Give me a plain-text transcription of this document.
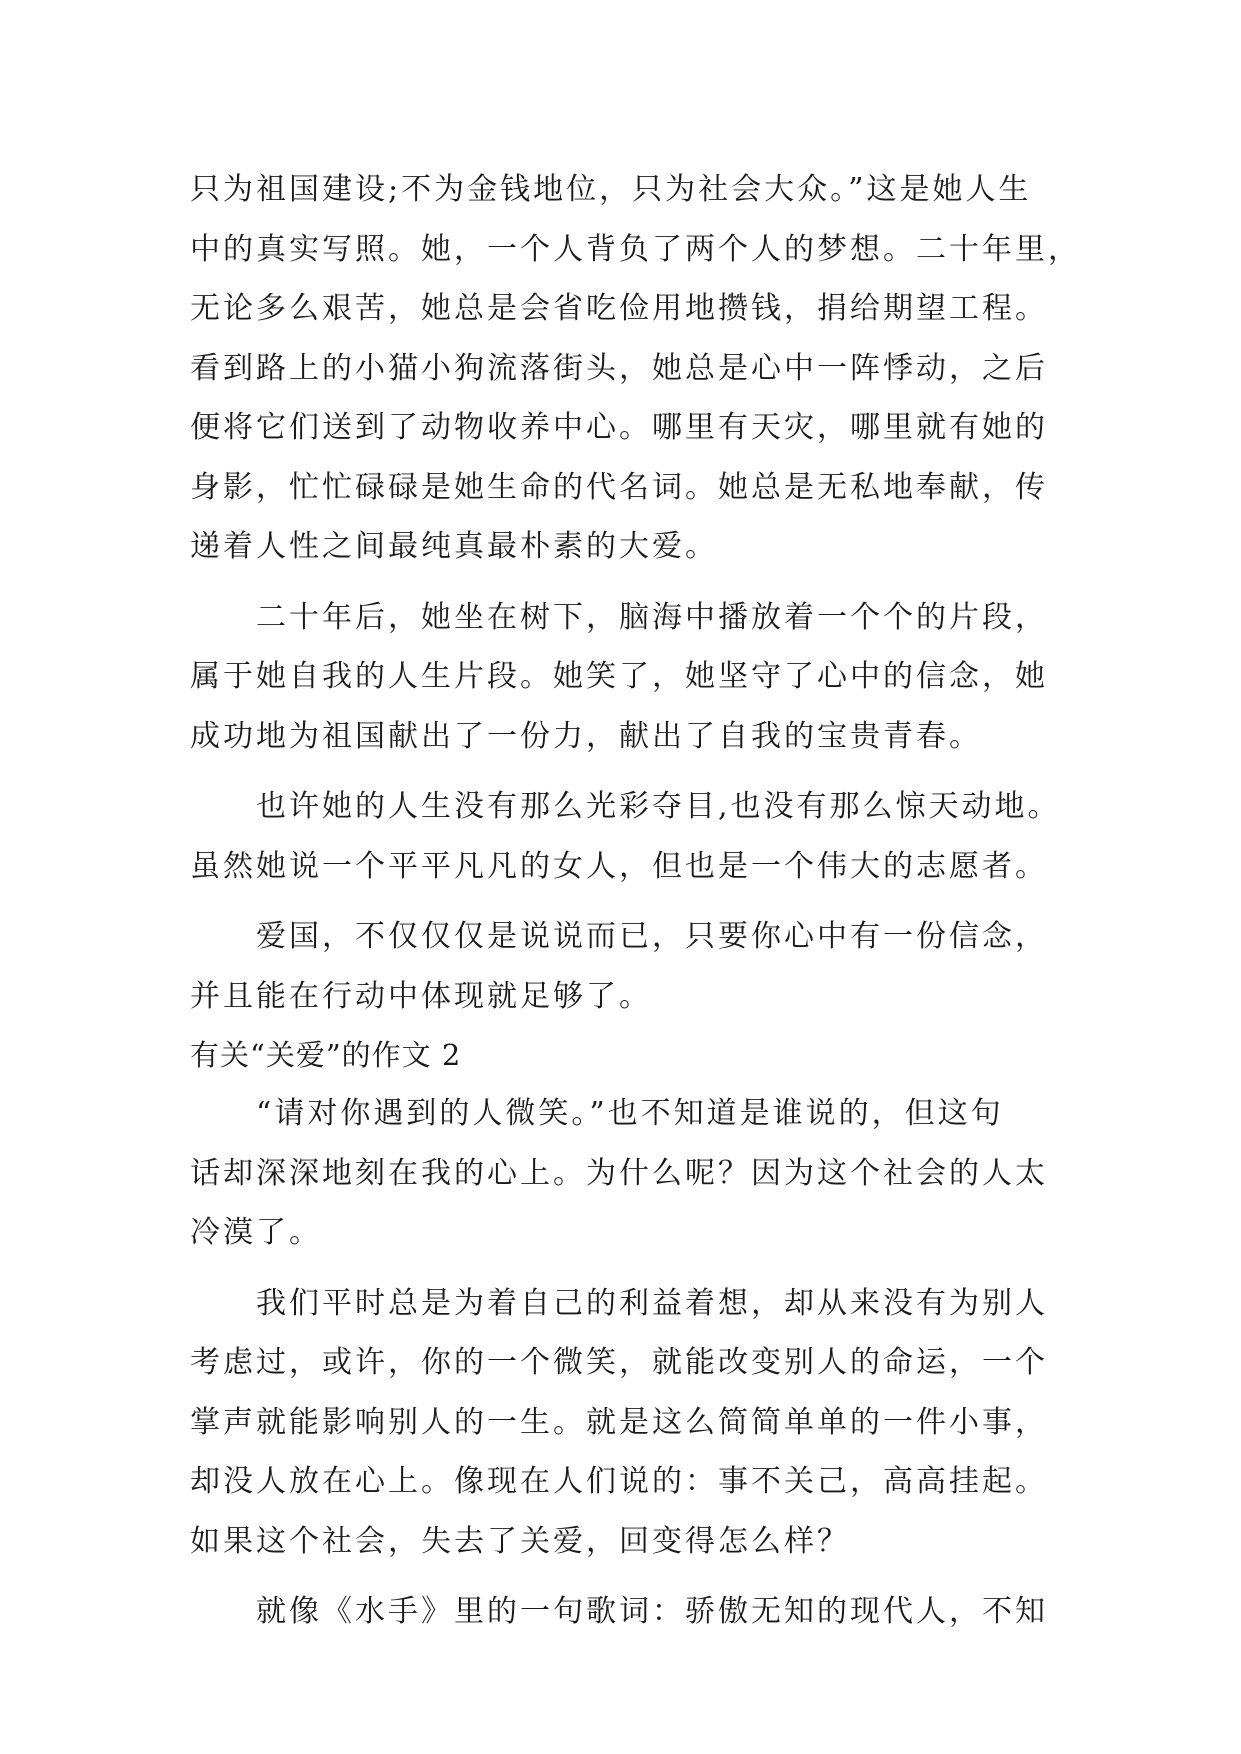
只为祖国建设;不为金钱地位，只为社会大众。”这是她人生
中的真实写照。她，一个人背负了两个人的梦想。二十年里，
无论多么艰苦，她总是会省吃俭用地攒钱，捐给期望工程。
看到路上的小猫小狗流落街头，她总是心中一阵悸动，之后
便将它们送到了动物收养中心。哪里有天灾，哪里就有她的
身影，忙忙碌碌是她生命的代名词。她总是无私地奉献，传
递着人性之间最纯真最朴素的大爱。
二十年后，她坐在树下，脑海中播放着一个个的片段，
属于她自我的人生片段。她笑了，她坚守了心中的信念，她
成功地为祖国献出了一份力，献出了自我的宝贵青春。
也许她的人生没有那么光彩夺目,也没有那么惊天动地。
虽然她说一个平平凡凡的女人，但也是一个伟大的志愿者。
爱国，不仅仅仅是说说而已，只要你心中有一份信念，
并且能在行动中体现就足够了。
有关“关爱”的作文 2
“请对你遇到的人微笑。”也不知道是谁说的，但这句
话却深深地刻在我的心上。为什么呢？因为这个社会的人太
冷漠了。
我们平时总是为着自己的利益着想，却从来没有为别人
考虑过，或许，你的一个微笑，就能改变别人的命运，一个
掌声就能影响别人的一生。就是这么简简单单的一件小事，
却没人放在心上。像现在人们说的：事不关己，高高挂起。
如果这个社会，失去了关爱，回变得怎么样？
就像《水手》里的一句歌词：骄傲无知的现代人，不知
